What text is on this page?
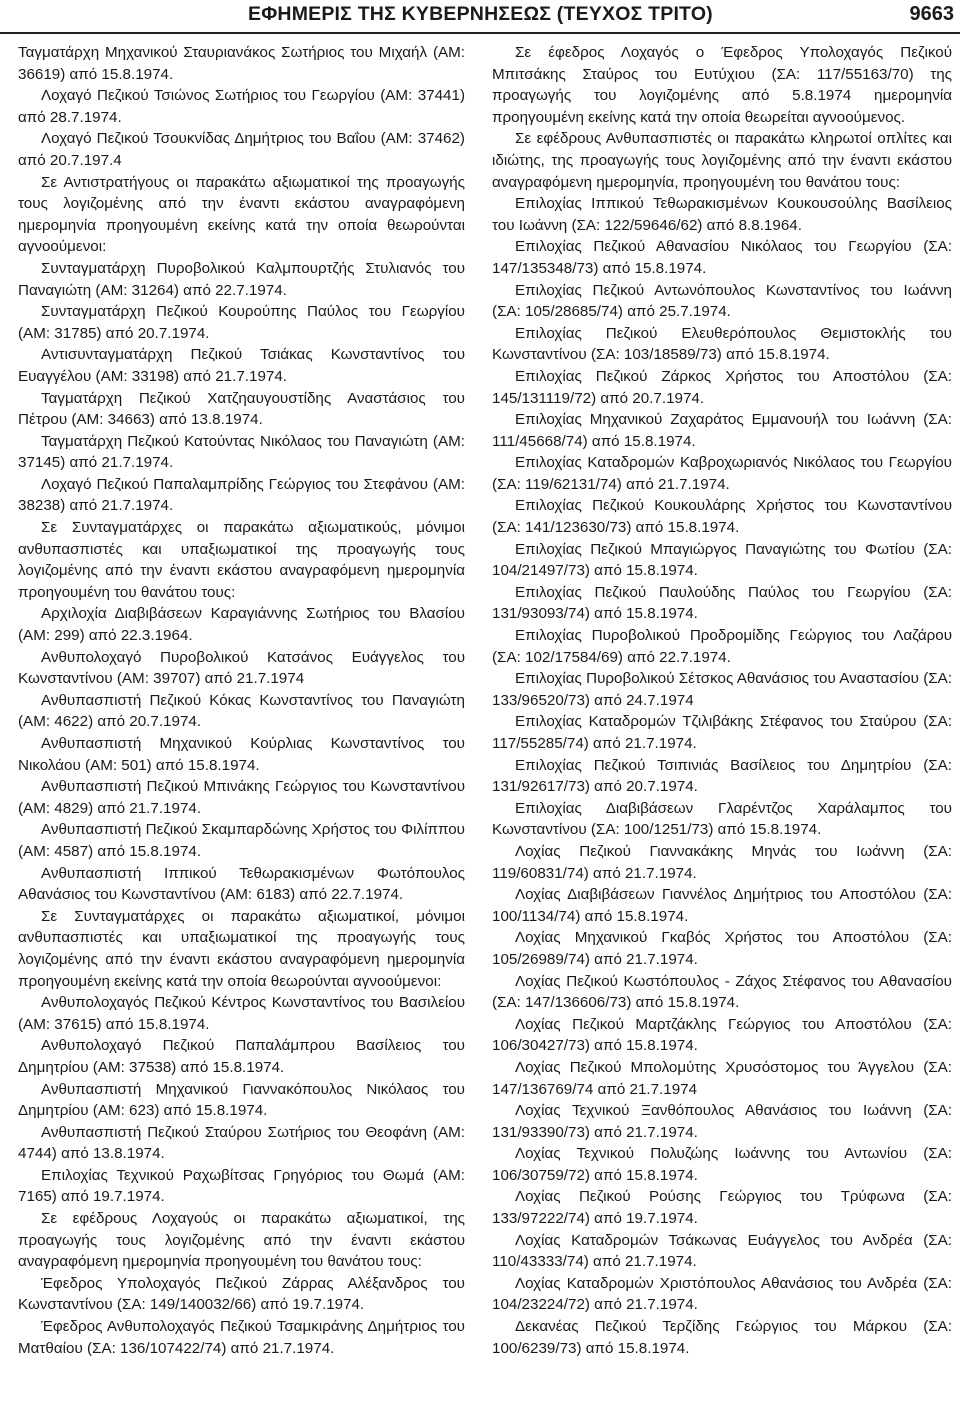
ΕΦΗΜΕΡΙΣ ΤΗΣ ΚΥΒΕΡΝΗΣΕΩΣ (ΤΕΥΧΟΣ ΤΡΙΤΟ)	9663

Ταγματάρχη Μηχανικού Σταυριανάκος Σωτήριος του Μιχαήλ (ΑΜ: 36619) από 15.8.1974.

Λοχαγό Πεζικού Τσιώνος Σωτήριος του Γεωργίου (ΑΜ: 37441) από 28.7.1974.

Λοχαγό Πεζικού Τσουκνίδας Δημήτριος του Βαΐου (ΑΜ: 37462) από 20.7.197.4

Σε Αντιστρατήγους οι παρακάτω αξιωματικοί της προαγωγής τους λογιζομένης από την έναντι εκάστου αναγραφόμενη ημερομηνία προηγουμένη εκείνης κατά την οποία θεωρούνται αγνοούμενοι:

Συνταγματάρχη Πυροβολικού Καλμπουρτζής Στυλιανός του Παναγιώτη (ΑΜ: 31264) από 22.7.1974.

Συνταγματάρχη Πεζικού Κουρούπης Παύλος του Γεωργίου (ΑΜ: 31785) από 20.7.1974.

Αντισυνταγματάρχη Πεζικού Τσιάκας Κωνσταντίνος του Ευαγγέλου (ΑΜ: 33198) από 21.7.1974.

Ταγματάρχη Πεζικού Χατζηαυγουστίδης Αναστάσιος του Πέτρου (ΑΜ: 34663) από 13.8.1974.

Ταγματάρχη Πεζικού Κατούντας Νικόλαος του Παναγιώτη (ΑΜ: 37145) από 21.7.1974.

Λοχαγό Πεζικού Παπαλαμπρίδης Γεώργιος του Στεφάνου (ΑΜ: 38238) από 21.7.1974.

Σε Συνταγματάρχες οι παρακάτω αξιωματικούς, μόνιμοι ανθυπασπιστές και υπαξιωματικοί της προαγωγής τους λογιζομένης από την έναντι εκάστου αναγραφόμενη ημερομηνία προηγουμένη του θανάτου τους:

Αρχιλοχία Διαβιβάσεων Καραγιάννης Σωτήριος του Βλασίου (ΑΜ: 299) από 22.3.1964.

Ανθυπολοχαγό Πυροβολικού Κατσάνος Ευάγγελος του Κωνσταντίνου (ΑΜ: 39707) από 21.7.1974

Ανθυπασπιστή Πεζικού Κόκας Κωνσταντίνος του Παναγιώτη (ΑΜ: 4622) από 20.7.1974.

Ανθυπασπιστή Μηχανικού Κούρλιας Κωνσταντίνος του Νικολάου (ΑΜ: 501) από 15.8.1974.

Ανθυπασπιστή Πεζικού Μπινάκης Γεώργιος του Κωνσταντίνου (ΑΜ: 4829) από 21.7.1974.

Ανθυπασπιστή Πεζικού Σκαμπαρδώνης Χρήστος του Φιλίππου (ΑΜ: 4587) από 15.8.1974.

Ανθυπασπιστή Ιππικού Τεθωρακισμένων Φωτόπουλος Αθανάσιος του Κωνσταντίνου (ΑΜ: 6183) από 22.7.1974.

Σε Συνταγματάρχες οι παρακάτω αξιωματικοί, μόνιμοι ανθυπασπιστές και υπαξιωματικοί της προαγωγής τους λογιζομένης από την έναντι εκάστου αναγραφόμενη ημερομηνία προηγουμένη εκείνης κατά την οποία θεωρούνται αγνοούμενοι:

Ανθυπολοχαγός Πεζικού Κέντρος Κωνσταντίνος του Βασιλείου (ΑΜ: 37615) από 15.8.1974.

Ανθυπολοχαγό Πεζικού Παπαλάμπρου Βασίλειος του Δημητρίου (ΑΜ: 37538) από 15.8.1974.

Ανθυπασπιστή Μηχανικού Γιαννακόπουλος Νικόλαος του Δημητρίου (ΑΜ: 623) από 15.8.1974.

Ανθυπασπιστή Πεζικού Σταύρου Σωτήριος του Θεοφάνη (ΑΜ: 4744) από 13.8.1974.

Επιλοχίας Τεχνικού Ραχωβίτσας Γρηγόριος του Θωμά (ΑΜ: 7165) από 19.7.1974.

Σε εφέδρους Λοχαγούς οι παρακάτω αξιωματικοί, της προαγωγής τους λογιζομένης από την έναντι εκάστου αναγραφόμενη ημερομηνία προηγουμένη του θανάτου τους:

Έφεδρος Υπολοχαγός Πεζικού Ζάρρας Αλέξανδρος του Κωνσταντίνου (ΣΑ: 149/140032/66) από 19.7.1974.

Έφεδρος Ανθυπολοχαγός Πεζικού Τσαμκιράνης Δημήτριος του Ματθαίου (ΣΑ: 136/107422/74) από 21.7.1974.

Σε έφεδρος Λοχαγός ο Έφεδρος Υπολοχαγός Πεζικού Μπιτσάκης Σταύρος του Ευτύχιου (ΣΑ: 117/55163/70) της προαγωγής του λογιζομένης από 5.8.1974 ημερομηνία προηγουμένη εκείνης κατά την οποία θεωρείται αγνοούμενος.

Σε εφέδρους Ανθυπασπιστές οι παρακάτω κληρωτοί οπλίτες και ιδιώτης, της προαγωγής τους λογιζομένης από την έναντι εκάστου αναγραφόμενη ημερομηνία, προηγουμένη του θανάτου τους:

Επιλοχίας Ιππικού Τεθωρακισμένων Κουκουσούλης Βασίλειος του Ιωάννη (ΣΑ: 122/59646/62) από 8.8.1964.

Επιλοχίας Πεζικού Αθανασίου Νικόλαος του Γεωργίου (ΣΑ: 147/135348/73) από 15.8.1974.

Επιλοχίας Πεζικού Αντωνόπουλος Κωνσταντίνος του Ιωάννη (ΣΑ: 105/28685/74) από 25.7.1974.

Επιλοχίας Πεζικού Ελευθερόπουλος Θεμιστοκλής του Κωνσταντίνου (ΣΑ: 103/18589/73) από 15.8.1974.

Επιλοχίας Πεζικού Ζάρκος Χρήστος του Αποστόλου (ΣΑ: 145/131119/72) από 20.7.1974.

Επιλοχίας Μηχανικού Ζαχαράτος Εμμανουήλ του Ιωάννη (ΣΑ: 111/45668/74) από 15.8.1974.

Επιλοχίας Καταδρομών Καβροχωριανός Νικόλαος του Γεωργίου (ΣΑ: 119/62131/74) από 21.7.1974.

Επιλοχίας Πεζικού Κουκουλάρης Χρήστος του Κωνσταντίνου (ΣΑ: 141/123630/73) από 15.8.1974.

Επιλοχίας Πεζικού Μπαγιώργος Παναγιώτης του Φωτίου (ΣΑ: 104/21497/73) από 15.8.1974.

Επιλοχίας Πεζικού Παυλούδης Παύλος του Γεωργίου (ΣΑ: 131/93093/74) από 15.8.1974.

Επιλοχίας Πυροβολικού Προδρομίδης Γεώργιος του Λαζάρου (ΣΑ: 102/17584/69) από 22.7.1974.

Επιλοχίας Πυροβολικού Σέτσκος Αθανάσιος του Αναστασίου (ΣΑ: 133/96520/73) από 24.7.1974

Επιλοχίας Καταδρομών Τζιλιβάκης Στέφανος του Σταύρου (ΣΑ: 117/55285/74) από 21.7.1974.

Επιλοχίας Πεζικού Τσιπινιάς Βασίλειος του Δημητρίου (ΣΑ: 131/92617/73) από 20.7.1974.

Επιλοχίας Διαβιβάσεων Γλαρέντζος Χαράλαμπος του Κωνσταντίνου (ΣΑ: 100/1251/73) από 15.8.1974.

Λοχίας Πεζικού Γιαννακάκης Μηνάς του Ιωάννη (ΣΑ: 119/60831/74) από 21.7.1974.

Λοχίας Διαβιβάσεων Γιαννέλος Δημήτριος του Αποστόλου (ΣΑ: 100/1134/74) από 15.8.1974.

Λοχίας Μηχανικού Γκαβός Χρήστος του Αποστόλου (ΣΑ: 105/26989/74) από 21.7.1974.

Λοχίας Πεζικού Κωστόπουλος - Ζάχος Στέφανος του Αθανασίου (ΣΑ: 147/136606/73) από 15.8.1974.

Λοχίας Πεζικού Μαρτζάκλης Γεώργιος του Αποστόλου (ΣΑ: 106/30427/73) από 15.8.1974.

Λοχίας Πεζικού Μπολομύτης Χρυσόστομος του Άγγελου (ΣΑ: 147/136769/74 από 21.7.1974

Λοχίας Τεχνικού Ξανθόπουλος Αθανάσιος του Ιωάννη (ΣΑ: 131/93390/73) από 21.7.1974.

Λοχίας Τεχνικού Πολυζώης Ιωάννης του Αντωνίου (ΣΑ: 106/30759/72) από 15.8.1974.

Λοχίας Πεζικού Ρούσης Γεώργιος του Τρύφωνα (ΣΑ: 133/97222/74) από 19.7.1974.

Λοχίας Καταδρομών Τσάκωνας Ευάγγελος του Ανδρέα (ΣΑ: 110/43333/74) από 21.7.1974.

Λοχίας Καταδρομών Χριστόπουλος Αθανάσιος του Ανδρέα (ΣΑ: 104/23224/72) από 21.7.1974.

Δεκανέας Πεζικού Τερζίδης Γεώργιος του Μάρκου (ΣΑ: 100/6239/73) από 15.8.1974.
